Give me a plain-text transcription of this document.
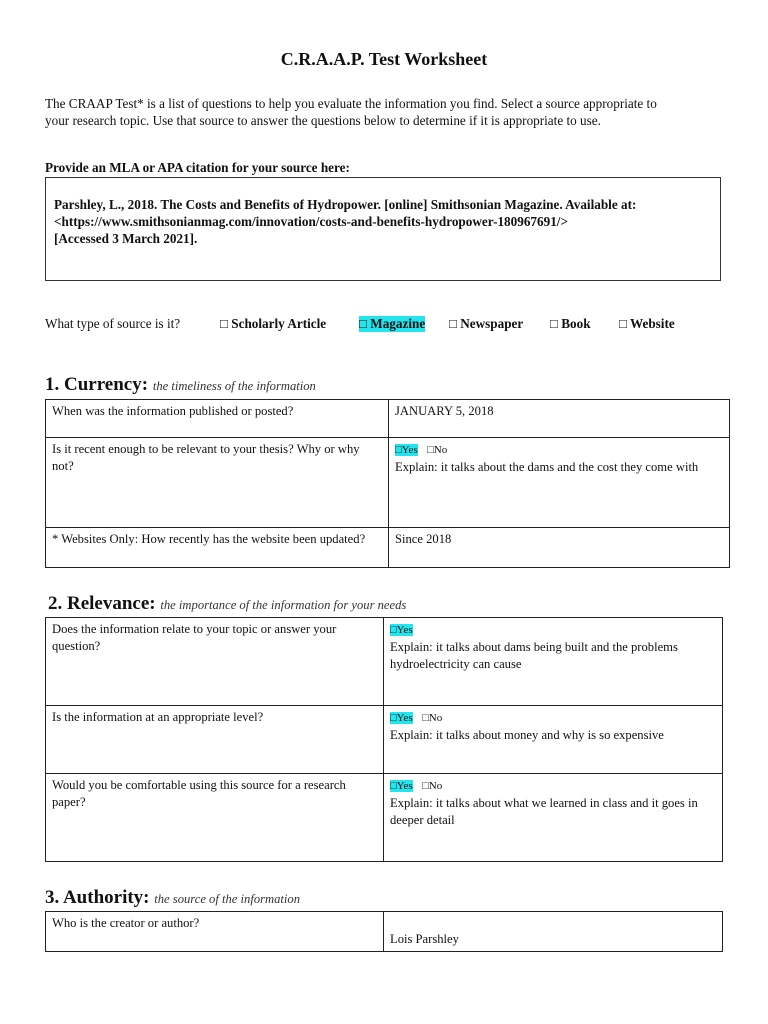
C.R.A.A.P. Test Worksheet
The CRAAP Test* is a list of questions to help you evaluate the information you find. Select a source appropriate to
your research topic. Use that source to answer the questions below to determine if it is appropriate to use.
Provide an MLA or APA citation for your source here:
Parshley, L., 2018. The Costs and Benefits of Hydropower. [online] Smithsonian Magazine. Available at:
<https://www.smithsonianmag.com/innovation/costs-and-benefits-hydropower-180967691/>
[Accessed 3 March 2021].
What type of source is it?	□ Scholarly Article □ Magazine □ Newspaper □ Book □ Website
1. Currency: the timeliness of the information
When was the information published or posted?	JANUARY 5, 2018
Is it recent enough to be relevant to your thesis? Why or why not?	□Yes □No
Explain: it talks about the dams and the cost they come with

* Websites Only: How recently has the website been updated?	Since 2018
2. Relevance: the importance of the information for your needs
Does the information relate to your topic or answer your question?	□Yes
Explain: it talks about dams being built and the problems hydroelectricity can cause

Is the information at an appropriate level?	□Yes □No
Explain: it talks about money and why is so expensive

Would you be comfortable using this source for a research paper?	□Yes □No
Explain: it talks about what we learned in class and it goes in deeper detail
3. Authority: the source of the information
Who is the creator or author?	Lois Parshley
